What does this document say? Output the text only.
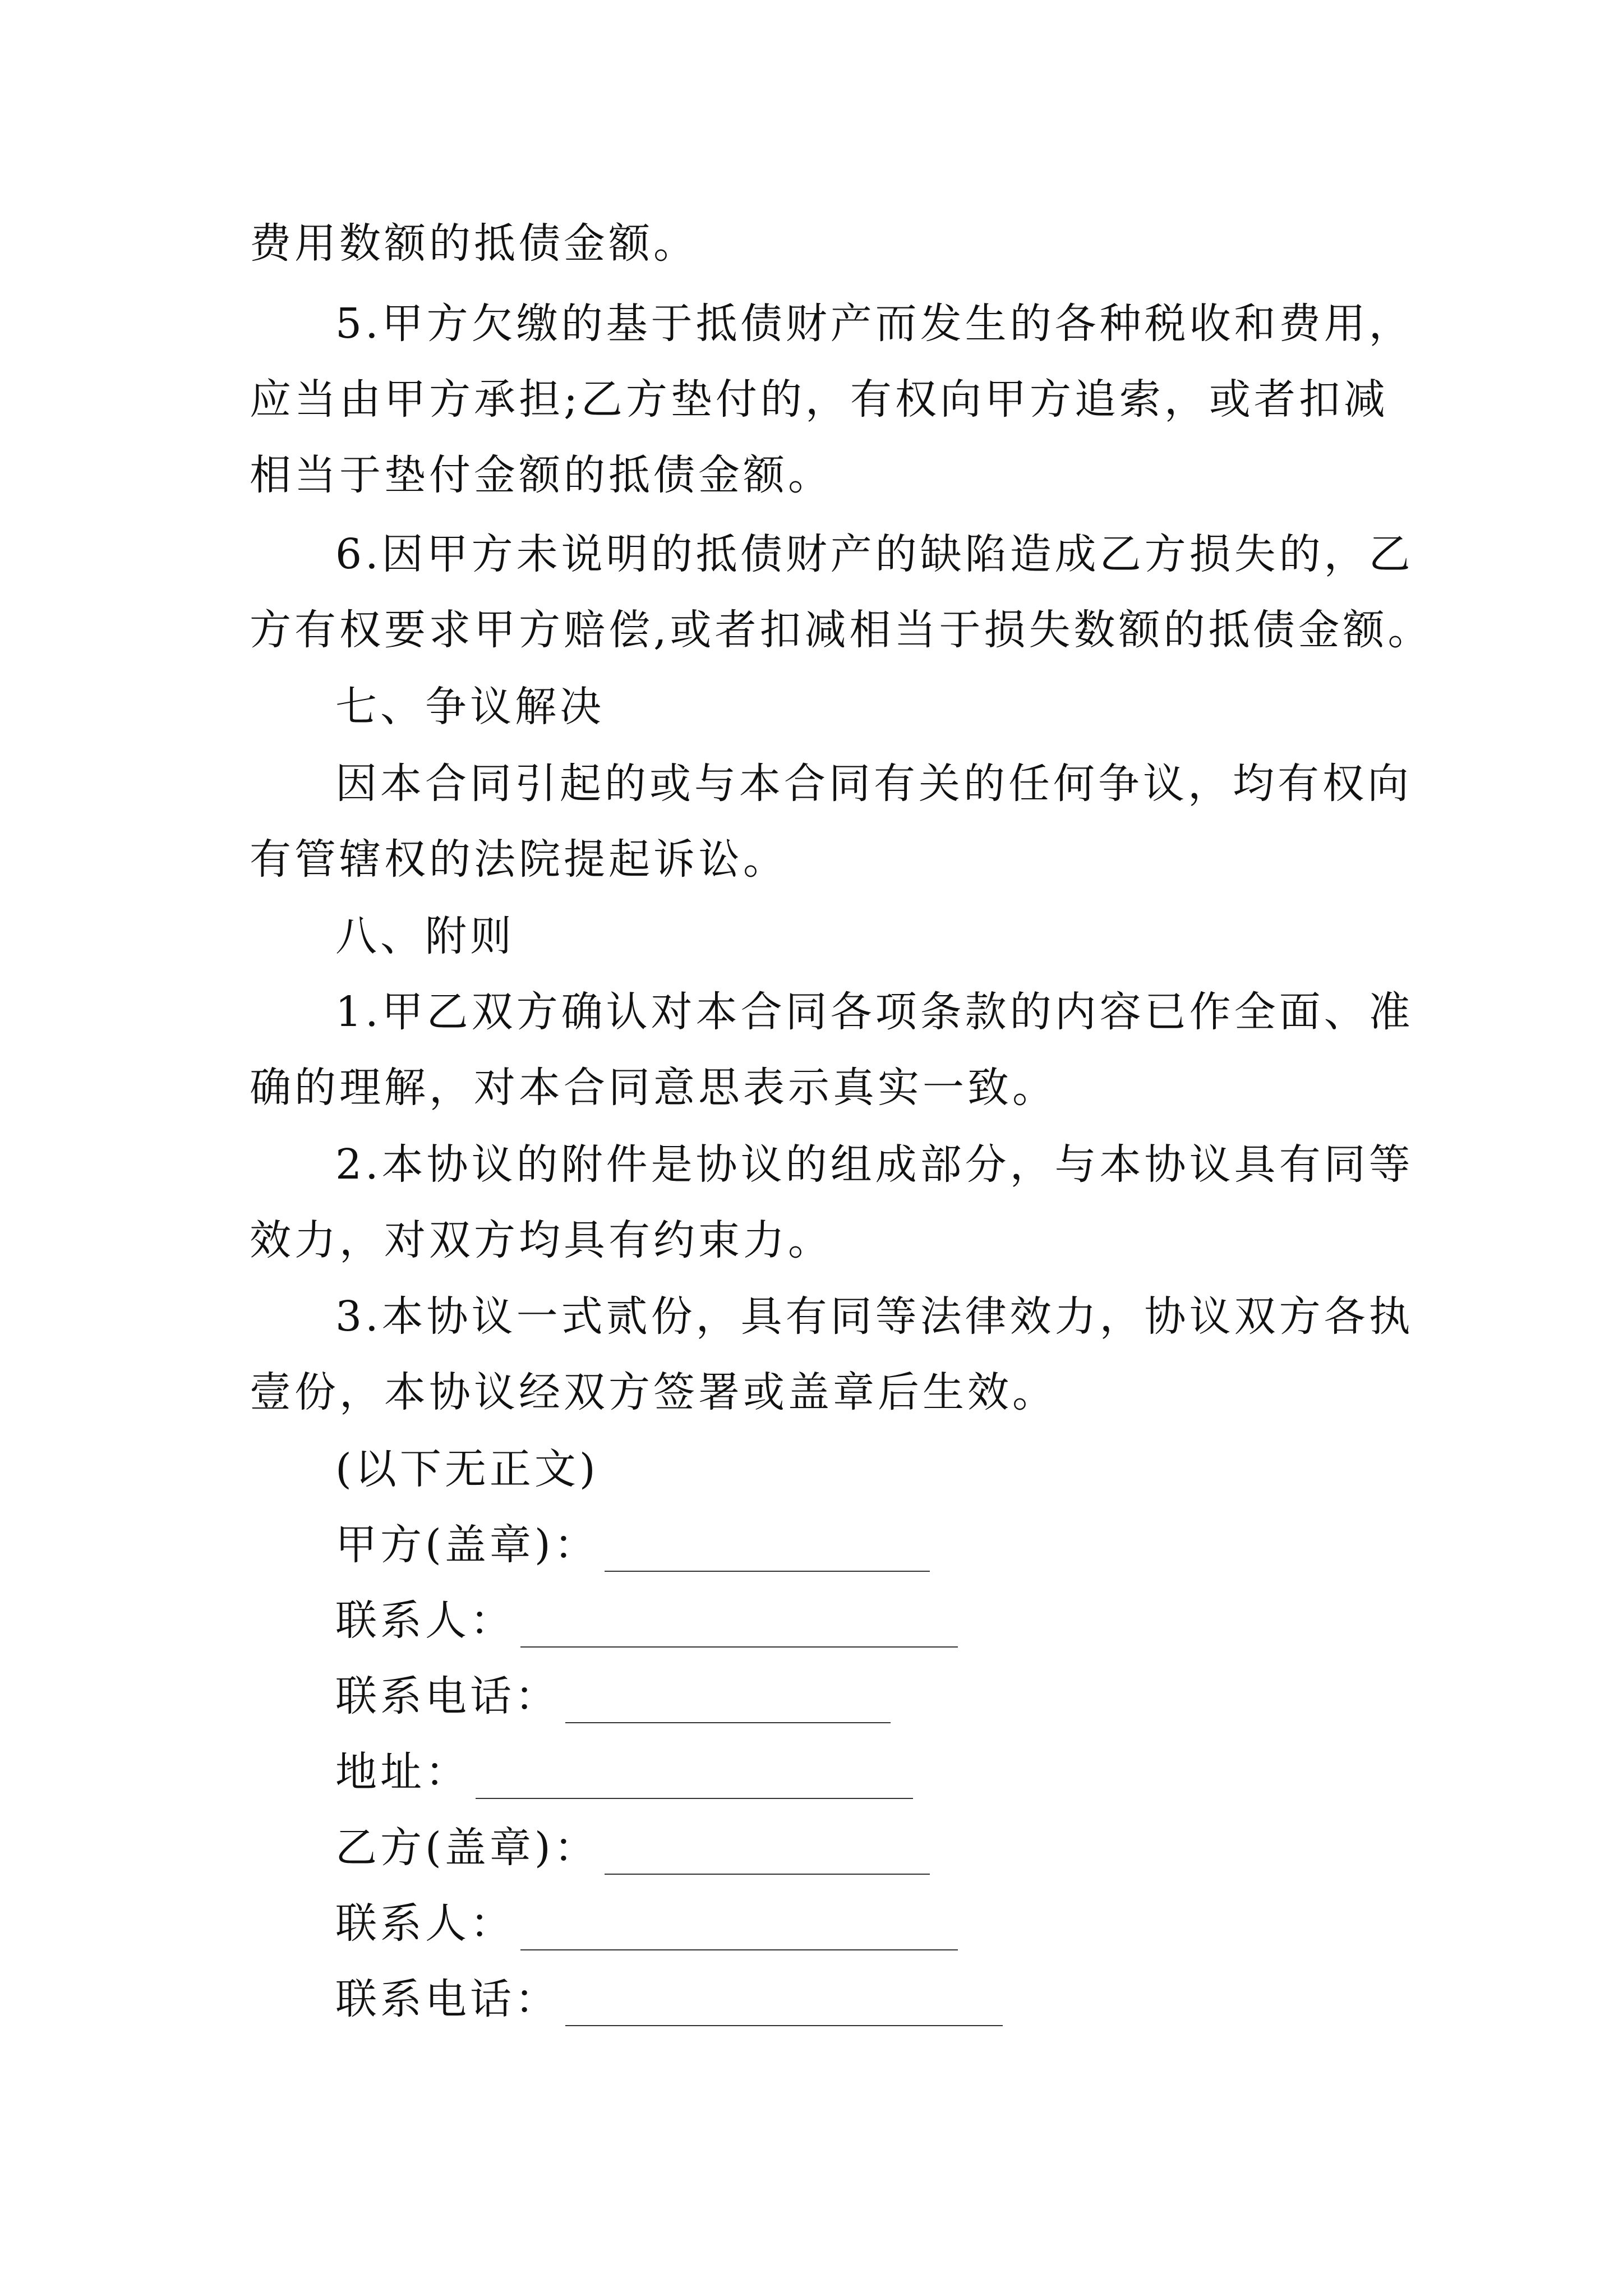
费用数额的抵债金额。
5.甲方欠缴的基于抵债财产而发生的各种税收和费用，
应当由甲方承担;乙方垫付的，有权向甲方追索，或者扣减
相当于垫付金额的抵债金额。
6.因甲方未说明的抵债财产的缺陷造成乙方损失的，乙
方有权要求甲方赔偿,或者扣减相当于损失数额的抵债金额。
七、争议解决
因本合同引起的或与本合同有关的任何争议，均有权向
有管辖权的法院提起诉讼。
八、附则
1.甲乙双方确认对本合同各项条款的内容已作全面、准
确的理解，对本合同意思表示真实一致。
2.本协议的附件是协议的组成部分，与本协议具有同等
效力，对双方均具有约束力。
3.本协议一式贰份，具有同等法律效力，协议双方各执
壹份，本协议经双方签署或盖章后生效。
(以下无正文)
甲方(盖章)：
联系人：
联系电话：
地址：
乙方(盖章)：
联系人：
联系电话：
